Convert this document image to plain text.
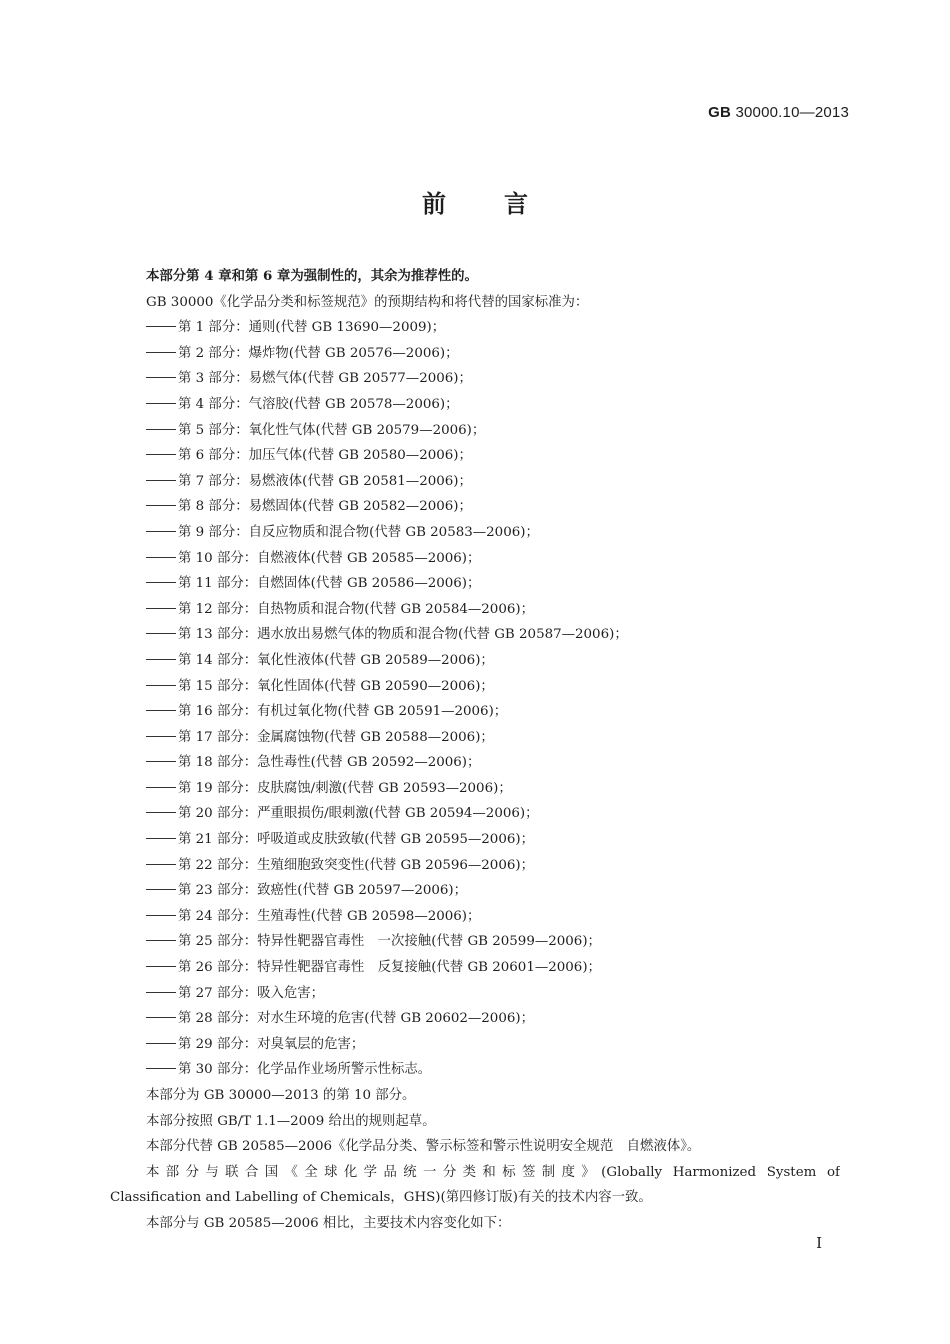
GB 30000.10—2013
前 言
本部分第 4 章和第 6 章为强制性的，其余为推荐性的。
GB 30000《化学品分类和标签规范》的预期结构和将代替的国家标准为：
第 1 部分：通则(代替 GB 13690—2009)；
第 2 部分：爆炸物(代替 GB 20576—2006)；
第 3 部分：易燃气体(代替 GB 20577—2006)；
第 4 部分：气溶胶(代替 GB 20578—2006)；
第 5 部分：氧化性气体(代替 GB 20579—2006)；
第 6 部分：加压气体(代替 GB 20580—2006)；
第 7 部分：易燃液体(代替 GB 20581—2006)；
第 8 部分：易燃固体(代替 GB 20582—2006)；
第 9 部分：自反应物质和混合物(代替 GB 20583—2006)；
第 10 部分：自燃液体(代替 GB 20585—2006)；
第 11 部分：自燃固体(代替 GB 20586—2006)；
第 12 部分：自热物质和混合物(代替 GB 20584—2006)；
第 13 部分：遇水放出易燃气体的物质和混合物(代替 GB 20587—2006)；
第 14 部分：氧化性液体(代替 GB 20589—2006)；
第 15 部分：氧化性固体(代替 GB 20590—2006)；
第 16 部分：有机过氧化物(代替 GB 20591—2006)；
第 17 部分：金属腐蚀物(代替 GB 20588—2006)；
第 18 部分：急性毒性(代替 GB 20592—2006)；
第 19 部分：皮肤腐蚀/刺激(代替 GB 20593—2006)；
第 20 部分：严重眼损伤/眼刺激(代替 GB 20594—2006)；
第 21 部分：呼吸道或皮肤致敏(代替 GB 20595—2006)；
第 22 部分：生殖细胞致突变性(代替 GB 20596—2006)；
第 23 部分：致癌性(代替 GB 20597—2006)；
第 24 部分：生殖毒性(代替 GB 20598—2006)；
第 25 部分：特异性靶器官毒性　一次接触(代替 GB 20599—2006)；
第 26 部分：特异性靶器官毒性　反复接触(代替 GB 20601—2006)；
第 27 部分：吸入危害；
第 28 部分：对水生环境的危害(代替 GB 20602—2006)；
第 29 部分：对臭氧层的危害；
第 30 部分：化学品作业场所警示性标志。
本部分为 GB 30000—2013 的第 10 部分。
本部分按照 GB/T 1.1—2009 给出的规则起草。
本部分代替 GB 20585—2006《化学品分类、警示标签和警示性说明安全规范　自燃液体》。
本部分与联合国《全球化学品统一分类和标签制度》(Globally Harmonized System of
Classification and Labelling of Chemicals，GHS)(第四修订版)有关的技术内容一致。
本部分与 GB 20585—2006 相比，主要技术内容变化如下：
I
